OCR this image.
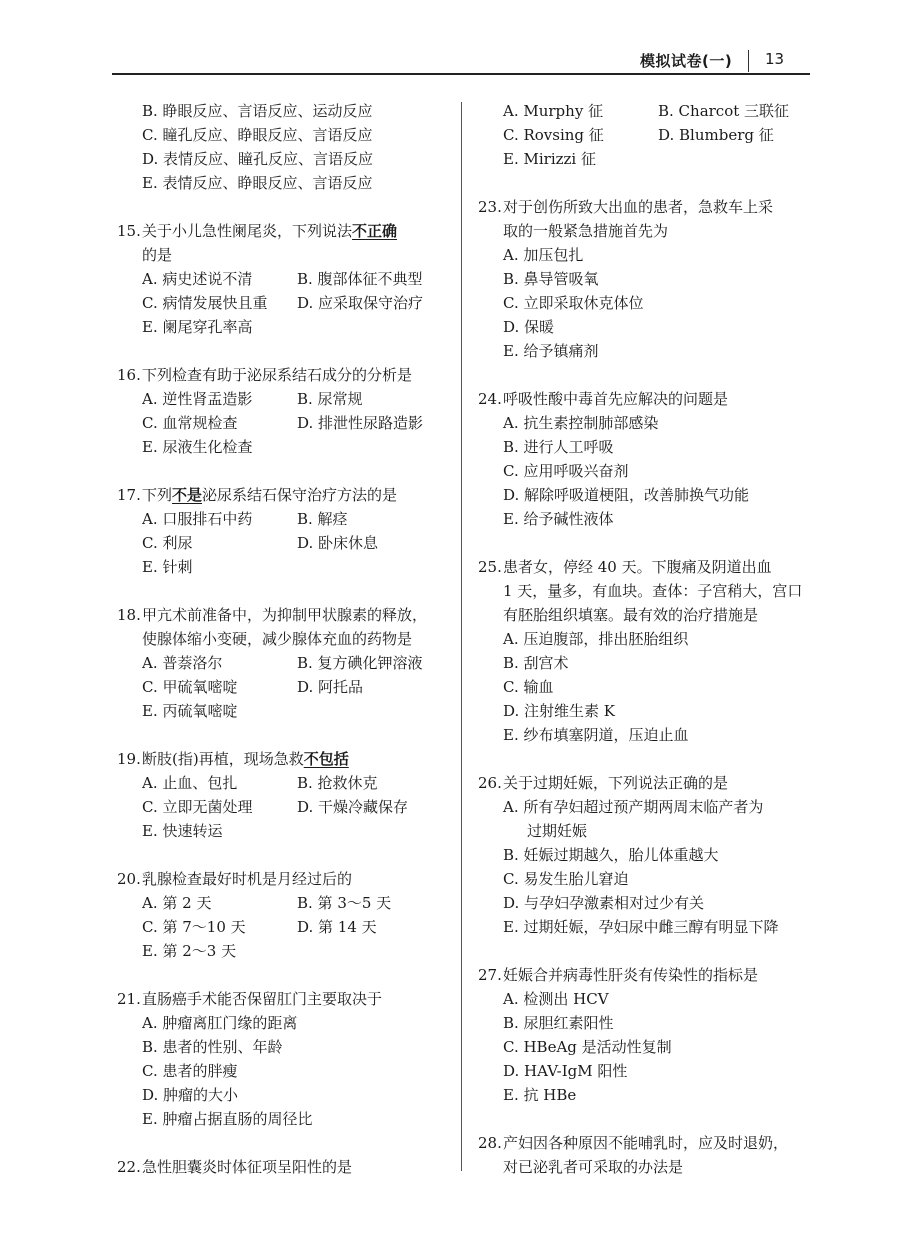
模拟试卷(一) 13
B. 睁眼反应、言语反应、运动反应
C. 瞳孔反应、睁眼反应、言语反应
D. 表情反应、瞳孔反应、言语反应
E. 表情反应、睁眼反应、言语反应
15. 关于小儿急性阑尾炎，下列说法不正确
的是
A. 病史述说不清	B. 腹部体征不典型
C. 病情发展快且重	D. 应采取保守治疗
E. 阑尾穿孔率高
16. 下列检查有助于泌尿系结石成分的分析是
A. 逆性肾盂造影	B. 尿常规
C. 血常规检查	D. 排泄性尿路造影
E. 尿液生化检查
17. 下列不是泌尿系结石保守治疗方法的是
A. 口服排石中药	B. 解痉
C. 利尿	D. 卧床休息
E. 针刺
18. 甲亢术前准备中，为抑制甲状腺素的释放，
使腺体缩小变硬，减少腺体充血的药物是
A. 普萘洛尔	B. 复方碘化钾溶液
C. 甲硫氧嘧啶	D. 阿托品
E. 丙硫氧嘧啶
19. 断肢(指)再植，现场急救不包括
A. 止血、包扎	B. 抢救休克
C. 立即无菌处理	D. 干燥冷藏保存
E. 快速转运
20. 乳腺检查最好时机是月经过后的
A. 第 2 天	B. 第 3～5 天
C. 第 7～10 天	D. 第 14 天
E. 第 2～3 天
21. 直肠癌手术能否保留肛门主要取决于
A. 肿瘤离肛门缘的距离
B. 患者的性别、年龄
C. 患者的胖瘦
D. 肿瘤的大小
E. 肿瘤占据直肠的周径比
22. 急性胆囊炎时体征项呈阳性的是
A. Murphy 征	B. Charcot 三联征
C. Rovsing 征	D. Blumberg 征
E. Mirizzi 征
23. 对于创伤所致大出血的患者，急救车上采
取的一般紧急措施首先为
A. 加压包扎
B. 鼻导管吸氧
C. 立即采取休克体位
D. 保暖
E. 给予镇痛剂
24. 呼吸性酸中毒首先应解决的问题是
A. 抗生素控制肺部感染
B. 进行人工呼吸
C. 应用呼吸兴奋剂
D. 解除呼吸道梗阻，改善肺换气功能
E. 给予碱性液体
25. 患者女，停经 40 天。下腹痛及阴道出血
1 天，量多，有血块。查体：子宫稍大，宫口
有胚胎组织填塞。最有效的治疗措施是
A. 压迫腹部，排出胚胎组织
B. 刮宫术
C. 输血
D. 注射维生素 K
E. 纱布填塞阴道，压迫止血
26. 关于过期妊娠，下列说法正确的是
A. 所有孕妇超过预产期两周末临产者为
过期妊娠
B. 妊娠过期越久，胎儿体重越大
C. 易发生胎儿窘迫
D. 与孕妇孕激素相对过少有关
E. 过期妊娠，孕妇尿中雌三醇有明显下降
27. 妊娠合并病毒性肝炎有传染性的指标是
A. 检测出 HCV
B. 尿胆红素阳性
C. HBeAg 是活动性复制
D. HAV-IgM 阳性
E. 抗 HBe
28. 产妇因各种原因不能哺乳时，应及时退奶，
对已泌乳者可采取的办法是
